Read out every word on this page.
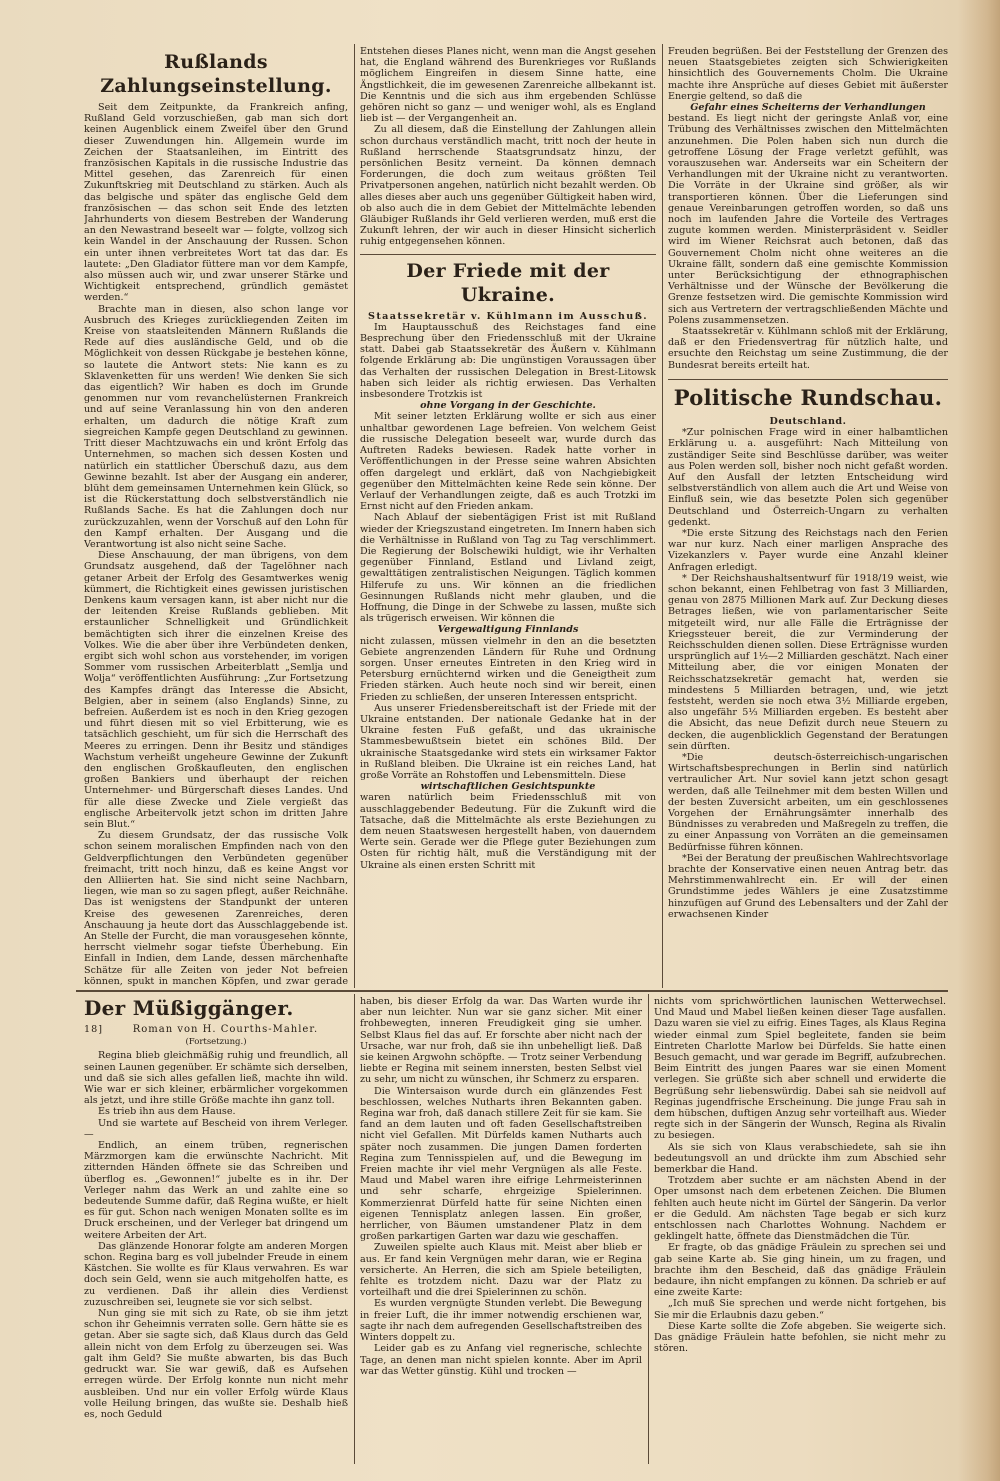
Rußlands Zahlungseinstellung.

Seit dem Zeitpunkte, da Frankreich anfing, Rußland Geld vorzuschießen, gab man sich dort keinen Augenblick einem Zweifel über den Grund dieser Zuwendungen hin. Allgemein wurde im Zeichen der Staatsanleihen, im Eintritt des französischen Kapitals in die russische Industrie das Mittel gesehen, das Zarenreich für einen Zukunftskrieg mit Deutschland zu stärken. Auch als das belgische und später das englische Geld dem französischen — das schon seit Ende des letzten Jahrhunderts von diesem Bestreben der Wanderung an den Newastrand beseelt war — folgte, vollzog sich kein Wandel in der Anschauung der Russen. Schon ein unter ihnen verbreitetes Wort tat das dar. Es lautete: „Den Gladiator füttere man vor dem Kampfe, also müssen auch wir, und zwar unserer Stärke und Wichtigkeit entsprechend, gründlich gemästet werden.“

Brachte man in diesen, also schon lange vor Ausbruch des Krieges zurückliegenden Zeiten im Kreise von staatsleitenden Männern Rußlands die Rede auf dies ausländische Geld, und ob die Möglichkeit von dessen Rückgabe je bestehen könne, so lautete die Antwort stets: Nie kann es zu Sklavenketten für uns werden! Wie denken Sie sich das eigentlich? Wir haben es doch im Grunde genommen nur vom revanchelüsternen Frankreich und auf seine Veranlassung hin von den anderen erhalten, um dadurch die nötige Kraft zum siegreichen Kampfe gegen Deutschland zu gewinnen. Tritt dieser Machtzuwachs ein und krönt Erfolg das Unternehmen, so machen sich dessen Kosten und natürlich ein stattlicher Überschuß dazu, aus dem Gewinne bezahlt. Ist aber der Ausgang ein anderer, blüht dem gemeinsamen Unternehmen kein Glück, so ist die Rückerstattung doch selbstverständlich nie Rußlands Sache. Es hat die Zahlungen doch nur zurückzuzahlen, wenn der Vorschuß auf den Lohn für den Kampf erhalten. Der Ausgang und die Verantwortung ist also nicht seine Sache.

Diese Anschauung, der man übrigens, von dem Grundsatz ausgehend, daß der Tagelöhner nach getaner Arbeit der Erfolg des Gesamtwerkes wenig kümmert, die Richtigkeit eines gewissen juristischen Denkens kaum versagen kann, ist aber nicht nur die der leitenden Kreise Rußlands geblieben. Mit erstaunlicher Schnelligkeit und Gründlichkeit bemächtigten sich ihrer die einzelnen Kreise des Volkes. Wie die aber über ihre Verbündeten denken, ergibt sich wohl schon aus vorstehender, im vorigen Sommer vom russischen Arbeiterblatt „Semlja und Wolja“ veröffentlichten Ausführung: „Zur Fortsetzung des Kampfes drängt das Interesse die Absicht, Belgien, aber in seinem (also Englands) Sinne, zu befreien. Außerdem ist es noch in den Krieg gezogen und führt diesen mit so viel Erbitterung, wie es tatsächlich geschieht, um für sich die Herrschaft des Meeres zu erringen. Denn ihr Besitz und ständiges Wachstum verheißt ungeheure Gewinne der Zukunft den englischen Großkaufleuten, den englischen großen Bankiers und überhaupt der reichen Unternehmer- und Bürgerschaft dieses Landes. Und für alle diese Zwecke und Ziele vergießt das englische Arbeitervolk jetzt schon im dritten Jahre sein Blut.“

Zu diesem Grundsatz, der das russische Volk schon seinem moralischen Empfinden nach von den Geldverpflichtungen den Verbündeten gegenüber freimacht, tritt noch hinzu, daß es keine Angst vor den Alliierten hat. Sie sind nicht seine Nachbarn, liegen, wie man so zu sagen pflegt, außer Reichnähe. Das ist wenigstens der Standpunkt der unteren Kreise des gewesenen Zarenreiches, deren Anschauung ja heute dort das Ausschlaggebende ist. An Stelle der Furcht, die man vorausgesehen könnte, herrscht vielmehr sogar tiefste Überhebung. Ein Einfall in Indien, dem Lande, dessen märchenhafte Schätze für alle Zeiten von jeder Not befreien können, spukt in manchen Köpfen, und zwar gerade

Entstehen dieses Planes nicht, wenn man die Angst gesehen hat, die England während des Burenkrieges vor Rußlands möglichem Eingreifen in diesem Sinne hatte, eine Ängstlichkeit, die im gewesenen Zarenreiche allbekannt ist. Die Kenntnis und die sich aus ihm ergebenden Schlüsse gehören nicht so ganz — und weniger wohl, als es England lieb ist — der Vergangenheit an.

Zu all diesem, daß die Einstellung der Zahlungen allein schon durchaus verständlich macht, tritt noch der heute in Rußland herrschende Staatsgrundsatz hinzu, der persönlichen Besitz verneint. Da können demnach Forderungen, die doch zum weitaus größten Teil Privatpersonen angehen, natürlich nicht bezahlt werden. Ob alles dieses aber auch uns gegenüber Gültigkeit haben wird, ob also auch die in dem Gebiet der Mittelmächte lebenden Gläubiger Rußlands ihr Geld verlieren werden, muß erst die Zukunft lehren, der wir auch in dieser Hinsicht sicherlich ruhig entgegensehen können.

Der Friede mit der Ukraine.

Staatssekretär v. Kühlmann im Ausschuß.

Im Hauptausschuß des Reichstages fand eine Besprechung über den Friedensschluß mit der Ukraine statt. Dabei gab Staatssekretär des Äußern v. Kühlmann folgende Erklärung ab: Die ungünstigen Voraussagen über das Verhalten der russischen Delegation in Brest-Litowsk haben sich leider als richtig erwiesen. Das Verhalten insbesondere Trotzkis ist

ohne Vorgang in der Geschichte.

Mit seiner letzten Erklärung wollte er sich aus einer unhaltbar gewordenen Lage befreien. Von welchem Geist die russische Delegation beseelt war, wurde durch das Auftreten Radeks bewiesen. Radek hatte vorher in Veröffentlichungen in der Presse seine wahren Absichten offen dargelegt und erklärt, daß von Nachgiebigkeit gegenüber den Mittelmächten keine Rede sein könne. Der Verlauf der Verhandlungen zeigte, daß es auch Trotzki im Ernst nicht auf den Frieden ankam.

Nach Ablauf der siebentägigen Frist ist mit Rußland wieder der Kriegszustand eingetreten. Im Innern haben sich die Verhältnisse in Rußland von Tag zu Tag verschlimmert. Die Regierung der Bolschewiki huldigt, wie ihr Verhalten gegenüber Finnland, Estland und Livland zeigt, gewalttätigen zentralistischen Neigungen. Täglich kommen Hilferufe zu uns. Wir können an die friedlichen Gesinnungen Rußlands nicht mehr glauben, und die Hoffnung, die Dinge in der Schwebe zu lassen, mußte sich als trügerisch erweisen. Wir können die

Vergewaltigung Finnlands

nicht zulassen, müssen vielmehr in den an die besetzten Gebiete angrenzenden Ländern für Ruhe und Ordnung sorgen. Unser erneutes Eintreten in den Krieg wird in Petersburg ernüchternd wirken und die Geneigtheit zum Frieden stärken. Auch heute noch sind wir bereit, einen Frieden zu schließen, der unseren Interessen entspricht.

Aus unserer Friedensbereitschaft ist der Friede mit der Ukraine entstanden. Der nationale Gedanke hat in der Ukraine festen Fuß gefaßt, und das ukrainische Stammesbewußtsein bietet ein schönes Bild. Der ukrainische Staatsgedanke wird stets ein wirksamer Faktor in Rußland bleiben. Die Ukraine ist ein reiches Land, hat große Vorräte an Rohstoffen und Lebensmitteln. Diese

wirtschaftlichen Gesichtspunkte

waren natürlich beim Friedensschluß mit von ausschlaggebender Bedeutung. Für die Zukunft wird die Tatsache, daß die Mittelmächte als erste Beziehungen zu dem neuen Staatswesen hergestellt haben, von dauerndem Werte sein. Gerade wer die Pflege guter Beziehungen zum Osten für richtig hält, muß die Verständigung mit der Ukraine als einen ersten Schritt mit

Freuden begrüßen. Bei der Feststellung der Grenzen des neuen Staatsgebietes zeigten sich Schwierigkeiten hinsichtlich des Gouvernements Cholm. Die Ukraine machte ihre Ansprüche auf dieses Gebiet mit äußerster Energie geltend, so daß die

Gefahr eines Scheiterns der Verhandlungen

bestand. Es liegt nicht der geringste Anlaß vor, eine Trübung des Verhältnisses zwischen den Mittelmächten anzunehmen. Die Polen haben sich nun durch die getroffene Lösung der Frage verletzt gefühlt, was vorauszusehen war. Anderseits war ein Scheitern der Verhandlungen mit der Ukraine nicht zu verantworten. Die Vorräte in der Ukraine sind größer, als wir transportieren können. Über die Lieferungen sind genaue Vereinbarungen getroffen worden, so daß uns noch im laufenden Jahre die Vorteile des Vertrages zugute kommen werden. Ministerpräsident v. Seidler wird im Wiener Reichsrat auch betonen, daß das Gouvernement Cholm nicht ohne weiteres an die Ukraine fällt, sondern daß eine gemischte Kommission unter Berücksichtigung der ethnographischen Verhältnisse und der Wünsche der Bevölkerung die Grenze festsetzen wird. Die gemischte Kommission wird sich aus Vertretern der vertragschließenden Mächte und Polens zusammensetzen.

Staatssekretär v. Kühlmann schloß mit der Erklärung, daß er den Friedensvertrag für nützlich halte, und ersuchte den Reichstag um seine Zustimmung, die der Bundesrat bereits erteilt hat.

Politische Rundschau.

Deutschland.

*Zur polnischen Frage wird in einer halbamtlichen Erklärung u. a. ausgeführt: Nach Mitteilung von zuständiger Seite sind Beschlüsse darüber, was weiter aus Polen werden soll, bisher noch nicht gefaßt worden. Auf den Ausfall der letzten Entscheidung wird selbstverständlich von allem auch die Art und Weise von Einfluß sein, wie das besetzte Polen sich gegenüber Deutschland und Österreich-Ungarn zu verhalten gedenkt.

*Die erste Sitzung des Reichstags nach den Ferien war nur kurz. Nach einer marligen Ansprache des Vizekanzlers v. Payer wurde eine Anzahl kleiner Anfragen erledigt.

* Der Reichshaushaltsentwurf für 1918/19 weist, wie schon bekannt, einen Fehlbetrag von fast 3 Milliarden, genau von 2875 Millionen Mark auf. Zur Deckung dieses Betrages ließen, wie von parlamentarischer Seite mitgeteilt wird, nur alle Fälle die Erträgnisse der Kriegssteuer bereit, die zur Verminderung der Reichsschulden dienen sollen. Diese Erträgnisse wurden ursprünglich auf 1½—2 Milliarden geschätzt. Nach einer Mitteilung aber, die vor einigen Monaten der Reichsschatzsekretär gemacht hat, werden sie mindestens 5 Milliarden betragen, und, wie jetzt feststeht, werden sie noch etwa 3½ Milliarde ergeben, also ungefähr 5⅓ Milliarden ergeben. Es besteht aber die Absicht, das neue Defizit durch neue Steuern zu decken, die augenblicklich Gegenstand der Beratungen sein dürften.

*Die deutsch-österreichisch-ungarischen Wirtschaftsbesprechungen in Berlin sind natürlich vertraulicher Art. Nur soviel kann jetzt schon gesagt werden, daß alle Teilnehmer mit dem besten Willen und der besten Zuversicht arbeiten, um ein geschlossenes Vorgehen der Ernährungsämter innerhalb des Bündnisses zu verabreden und Maßregeln zu treffen, die zu einer Anpassung von Vorräten an die gemeinsamen Bedürfnisse führen können.

*Bei der Beratung der preußischen Wahlrechtsvorlage brachte der Konservative einen neuen Antrag betr. das Mehrstimmenwahlrecht ein. Er will der einen Grundstimme jedes Wählers je eine Zusatzstimme hinzufügen auf Grund des Lebensalters und der Zahl der erwachsenen Kinder

Der Müßiggänger.
18]	Roman von H. Courths-Mahler.
(Fortsetzung.)

Regina blieb gleichmäßig ruhig und freundlich, all seinen Launen gegenüber. Er schämte sich derselben, und daß sie sich alles gefallen ließ, machte ihn wild. Wie war er sich kleiner, erbärmlicher vorgekommen als jetzt, und ihre stille Größe machte ihn ganz toll.

Es trieb ihn aus dem Hause.

Und sie wartete auf Bescheid von ihrem Verleger. —

Endlich, an einem trüben, regnerischen Märzmorgen kam die erwünschte Nachricht. Mit zitternden Händen öffnete sie das Schreiben und überflog es. „Gewonnen!“ jubelte es in ihr. Der Verleger nahm das Werk an und zahlte eine so bedeutende Summe dafür, daß Regina wußte, er hielt es für gut. Schon nach wenigen Monaten sollte es im Druck erscheinen, und der Verleger bat dringend um weitere Arbeiten der Art.

Das glänzende Honorar folgte am anderen Morgen schon. Regina barg es voll jubelnder Freude in einem Kästchen. Sie wollte es für Klaus verwahren. Es war doch sein Geld, wenn sie auch mitgeholfen hatte, es zu verdienen. Daß ihr allein dies Verdienst zuzuschreiben sei, leugnete sie vor sich selbst.

Nun ging sie mit sich zu Rate, ob sie ihm jetzt schon ihr Geheimnis verraten solle. Gern hätte sie es getan. Aber sie sagte sich, daß Klaus durch das Geld allein nicht von dem Erfolg zu überzeugen sei. Was galt ihm Geld? Sie mußte abwarten, bis das Buch gedruckt war. Sie war gewiß, daß es Aufsehen erregen würde. Der Erfolg konnte nun nicht mehr ausbleiben. Und nur ein voller Erfolg würde Klaus volle Heilung bringen, das wußte sie. Deshalb hieß es, noch Geduld

haben, bis dieser Erfolg da war. Das Warten wurde ihr aber nun leichter. Nun war sie ganz sicher. Mit einer frohbewegten, inneren Freudigkeit ging sie umher. Selbst Klaus fiel das auf. Er forschte aber nicht nach der Ursache, war nur froh, daß sie ihn unbehelligt ließ. Daß sie keinen Argwohn schöpfte. — Trotz seiner Verbendung liebte er Regina mit seinem innersten, besten Selbst viel zu sehr, um nicht zu wünschen, ihr Schmerz zu ersparen.

Die Wintersaison wurde durch ein glänzendes Fest beschlossen, welches Nutharts ihren Bekannten gaben. Regina war froh, daß danach stillere Zeit für sie kam. Sie fand an dem lauten und oft faden Gesellschaftstreiben nicht viel Gefallen. Mit Dürfelds kamen Nutharts auch später noch zusammen. Die jungen Damen forderten Regina zum Tennisspielen auf, und die Bewegung im Freien machte ihr viel mehr Vergnügen als alle Feste. Maud und Mabel waren ihre eifrige Lehrmeisterinnen und sehr scharfe, ehrgeizige Spielerinnen. Kommerzienrat Dürfeld hatte für seine Nichten einen eigenen Tennisplatz anlegen lassen. Ein großer, herrlicher, von Bäumen umstandener Platz in dem großen parkartigen Garten war dazu wie geschaffen.

Zuweilen spielte auch Klaus mit. Meist aber blieb er aus. Er fand kein Vergnügen mehr daran, wie er Regina versicherte. An Herren, die sich am Spiele beteiligten, fehlte es trotzdem nicht. Dazu war der Platz zu vorteilhaft und die drei Spielerinnen zu schön.

Es wurden vergnügte Stunden verlebt. Die Bewegung in freier Luft, die ihr immer notwendig erschienen war, sagte ihr nach dem aufregenden Gesellschaftstreiben des Winters doppelt zu.

Leider gab es zu Anfang viel regnerische, schlechte Tage, an denen man nicht spielen konnte. Aber im April war das Wetter günstig. Kühl und trocken —

nichts vom sprichwörtlichen launischen Wetterwechsel. Und Maud und Mabel ließen keinen dieser Tage ausfallen. Dazu waren sie viel zu eifrig. Eines Tages, als Klaus Regina wieder einmal zum Spiel begleitete, fanden sie beim Eintreten Charlotte Marlow bei Dürfelds. Sie hatte einen Besuch gemacht, und war gerade im Begriff, aufzubrechen. Beim Eintritt des jungen Paares war sie einen Moment verlegen. Sie grüßte sich aber schnell und erwiderte die Begrüßung sehr liebenswürdig. Dabei sah sie neidvoll auf Reginas jugendfrische Erscheinung. Die junge Frau sah in dem hübschen, duftigen Anzug sehr vorteilhaft aus. Wieder regte sich in der Sängerin der Wunsch, Regina als Rivalin zu besiegen.

Als sie sich von Klaus verabschiedete, sah sie ihn bedeutungsvoll an und drückte ihm zum Abschied sehr bemerkbar die Hand.

Trotzdem aber suchte er am nächsten Abend in der Oper umsonst nach dem erbetenen Zeichen. Die Blumen fehlten auch heute nicht im Gürtel der Sängerin. Da verlor er die Geduld. Am nächsten Tage begab er sich kurz entschlossen nach Charlottes Wohnung. Nachdem er geklingelt hatte, öffnete das Dienstmädchen die Tür.

Er fragte, ob das gnädige Fräulein zu sprechen sei und gab seine Karte ab. Sie ging hinein, um zu fragen, und brachte ihm den Bescheid, daß das gnädige Fräulein bedaure, ihn nicht empfangen zu können. Da schrieb er auf eine zweite Karte:

„Ich muß Sie sprechen und werde nicht fortgehen, bis Sie mir die Erlaubnis dazu geben.“

Diese Karte sollte die Zofe abgeben. Sie weigerte sich. Das gnädige Fräulein hatte befohlen, sie nicht mehr zu stören.
